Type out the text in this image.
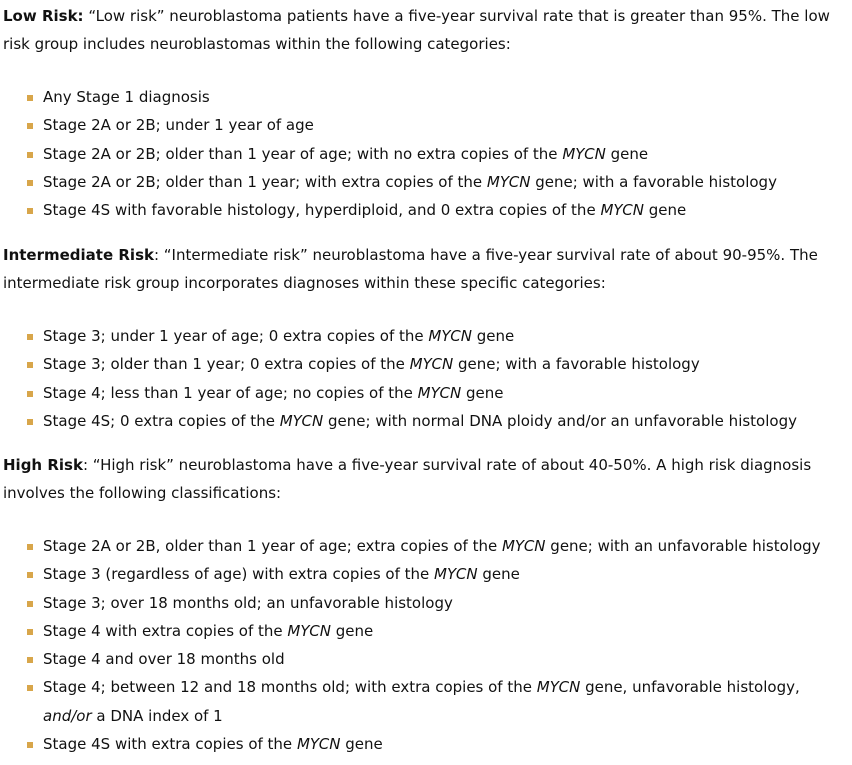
Low Risk: “Low risk” neuroblastoma patients have a five-year survival rate that is greater than 95%. The low risk group includes neuroblastomas within the following categories:

Any Stage 1 diagnosis
Stage 2A or 2B; under 1 year of age
Stage 2A or 2B; older than 1 year of age; with no extra copies of the MYCN gene
Stage 2A or 2B; older than 1 year; with extra copies of the MYCN gene; with a favorable histology
Stage 4S with favorable histology, hyperdiploid, and 0 extra copies of the MYCN gene

Intermediate Risk: “Intermediate risk” neuroblastoma have a five-year survival rate of about 90-95%. The intermediate risk group incorporates diagnoses within these specific categories:

Stage 3; under 1 year of age; 0 extra copies of the MYCN gene
Stage 3; older than 1 year; 0 extra copies of the MYCN gene; with a favorable histology
Stage 4; less than 1 year of age; no copies of the MYCN gene
Stage 4S; 0 extra copies of the MYCN gene; with normal DNA ploidy and/or an unfavorable histology

High Risk: “High risk” neuroblastoma have a five-year survival rate of about 40-50%. A high risk diagnosis involves the following classifications:

Stage 2A or 2B, older than 1 year of age; extra copies of the MYCN gene; with an unfavorable histology
Stage 3 (regardless of age) with extra copies of the MYCN gene
Stage 3; over 18 months old; an unfavorable histology
Stage 4 with extra copies of the MYCN gene
Stage 4 and over 18 months old
Stage 4; between 12 and 18 months old; with extra copies of the MYCN gene, unfavorable histology, and/or a DNA index of 1
Stage 4S with extra copies of the MYCN gene
